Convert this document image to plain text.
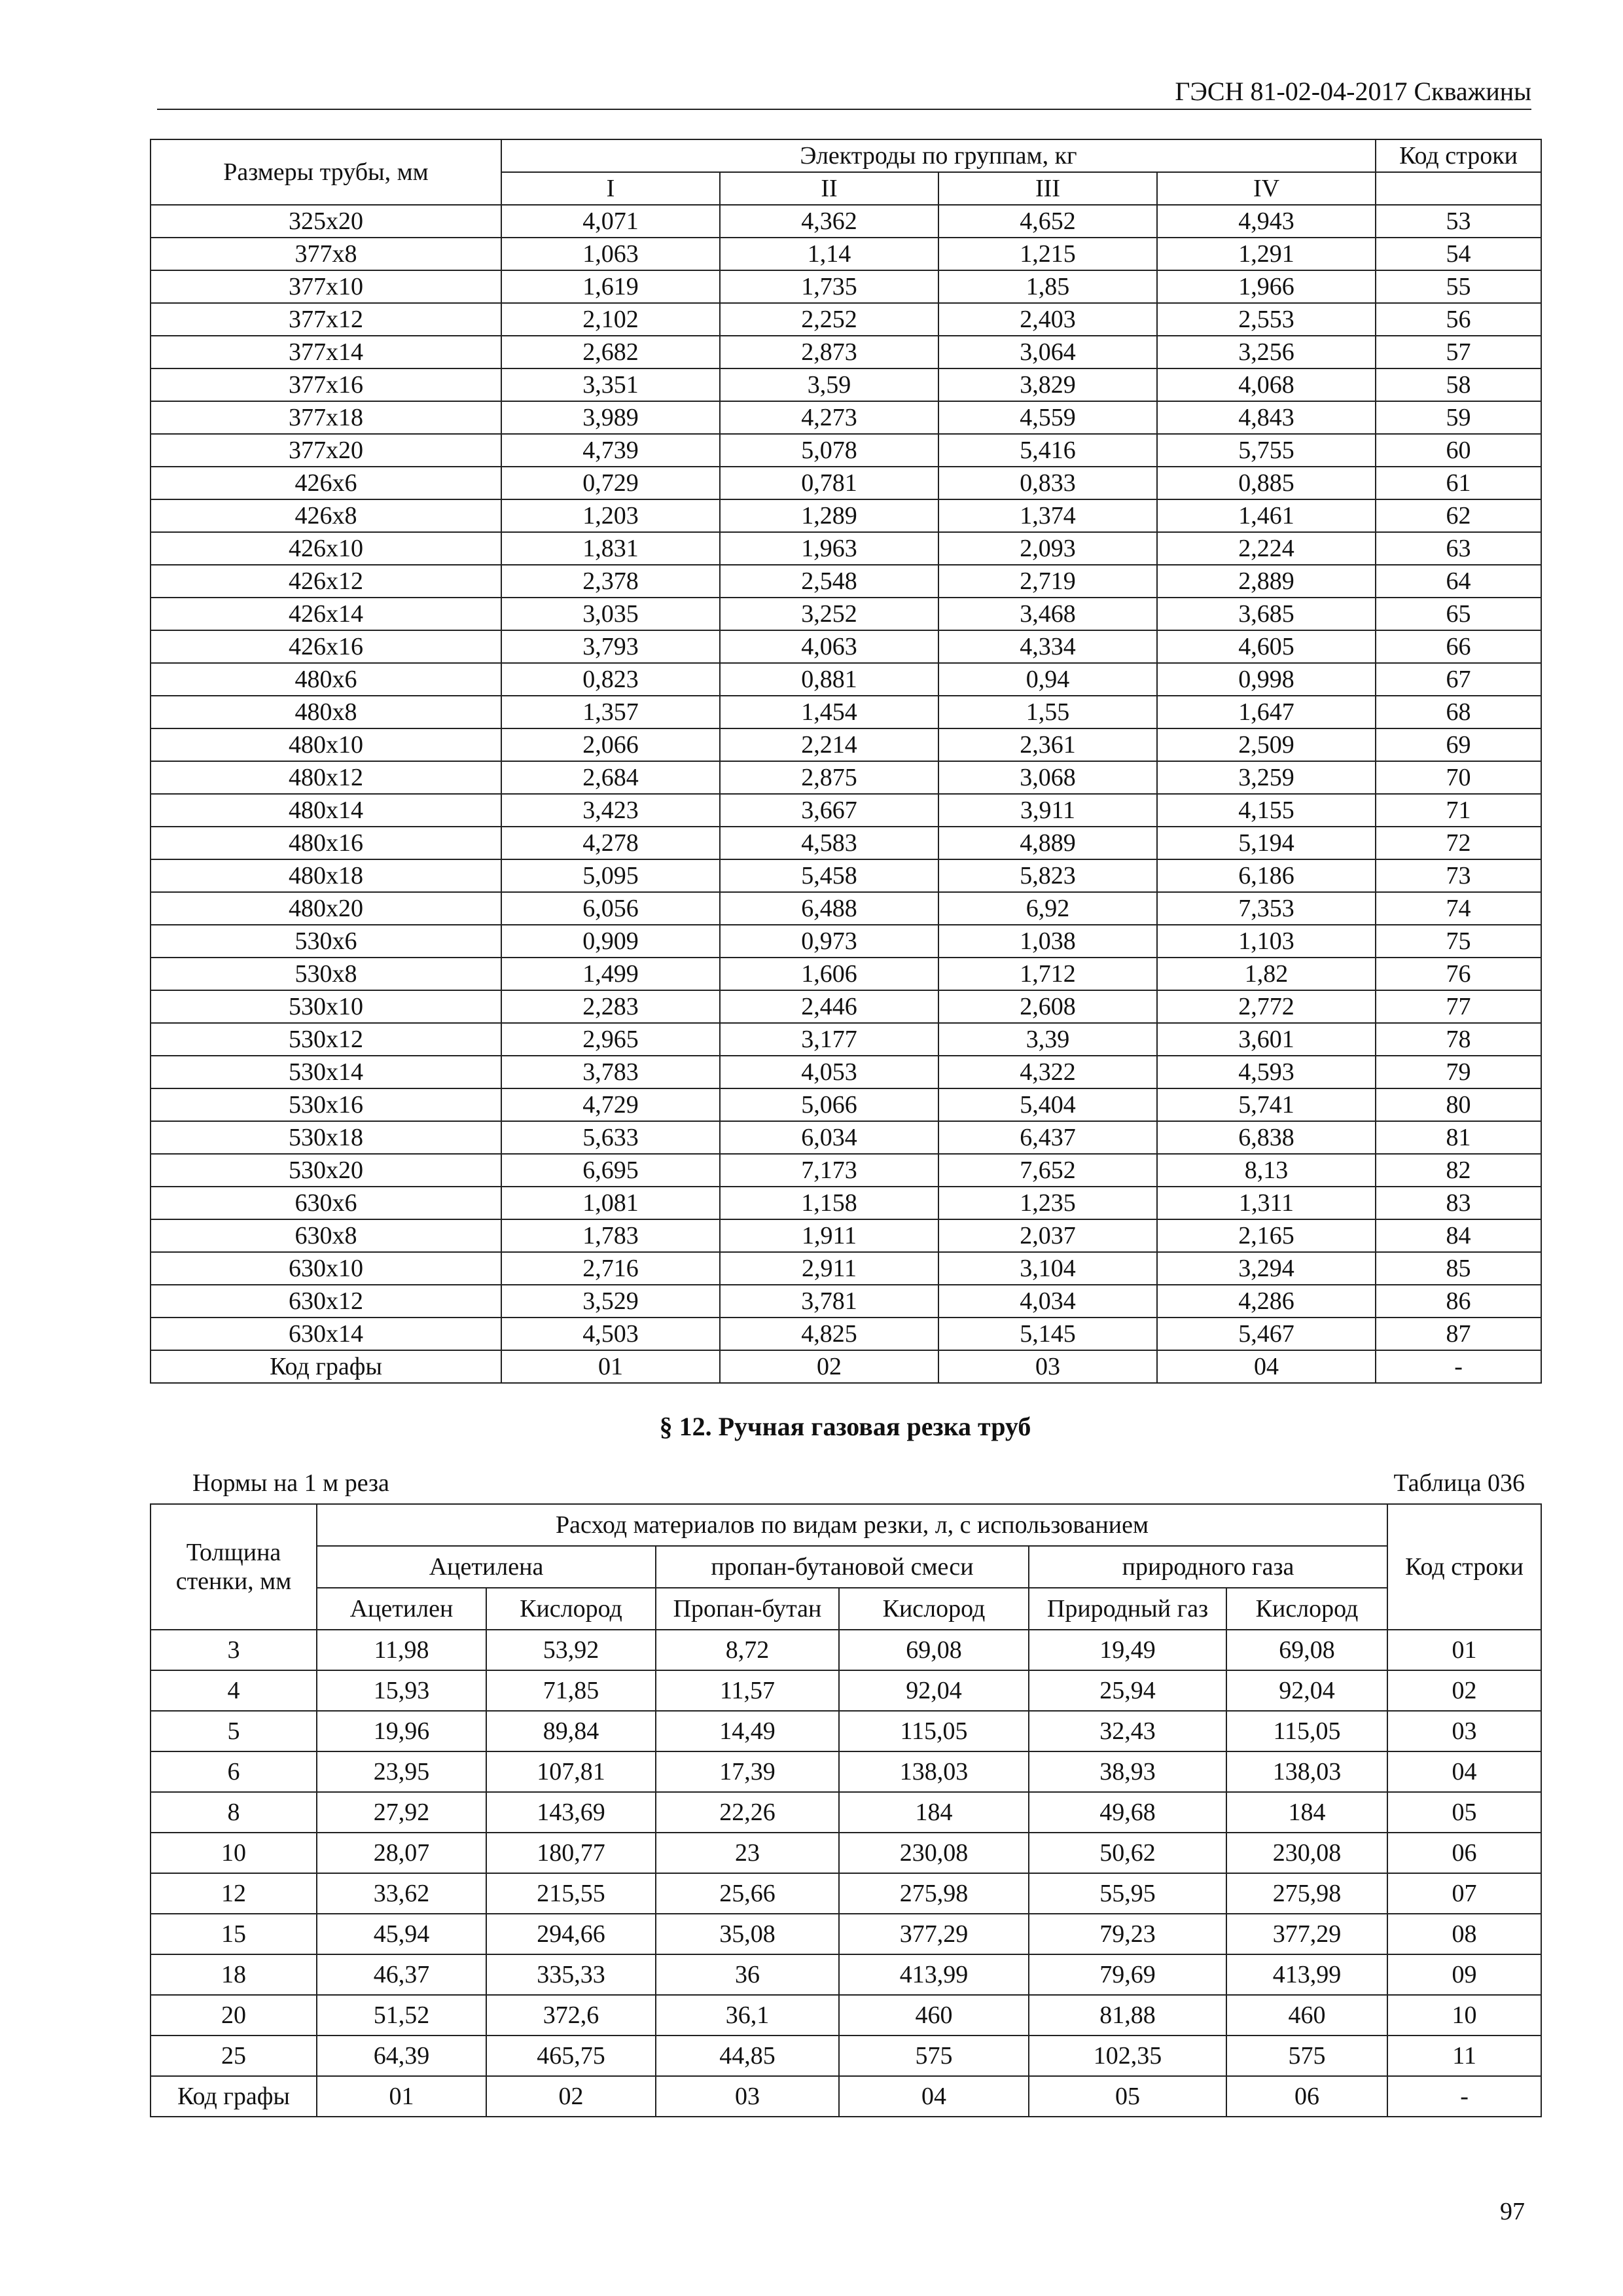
ГЭСН 81-02-04-2017 Скважины
Размеры трубы, мм	Электроды по группам, кг				Код строки
	I	II	III	IV	
325x20	4,071	4,362	4,652	4,943	53
377x8	1,063	1,14	1,215	1,291	54
377x10	1,619	1,735	1,85	1,966	55
377x12	2,102	2,252	2,403	2,553	56
377x14	2,682	2,873	3,064	3,256	57
377x16	3,351	3,59	3,829	4,068	58
377x18	3,989	4,273	4,559	4,843	59
377x20	4,739	5,078	5,416	5,755	60
426x6	0,729	0,781	0,833	0,885	61
426x8	1,203	1,289	1,374	1,461	62
426x10	1,831	1,963	2,093	2,224	63
426x12	2,378	2,548	2,719	2,889	64
426x14	3,035	3,252	3,468	3,685	65
426x16	3,793	4,063	4,334	4,605	66
480x6	0,823	0,881	0,94	0,998	67
480x8	1,357	1,454	1,55	1,647	68
480x10	2,066	2,214	2,361	2,509	69
480x12	2,684	2,875	3,068	3,259	70
480x14	3,423	3,667	3,911	4,155	71
480x16	4,278	4,583	4,889	5,194	72
480x18	5,095	5,458	5,823	6,186	73
480x20	6,056	6,488	6,92	7,353	74
530x6	0,909	0,973	1,038	1,103	75
530x8	1,499	1,606	1,712	1,82	76
530x10	2,283	2,446	2,608	2,772	77
530x12	2,965	3,177	3,39	3,601	78
530x14	3,783	4,053	4,322	4,593	79
530x16	4,729	5,066	5,404	5,741	80
530x18	5,633	6,034	6,437	6,838	81
530x20	6,695	7,173	7,652	8,13	82
630x6	1,081	1,158	1,235	1,311	83
630x8	1,783	1,911	2,037	2,165	84
630x10	2,716	2,911	3,104	3,294	85
630x12	3,529	3,781	4,034	4,286	86
630x14	4,503	4,825	5,145	5,467	87
Код графы	01	02	03	04	-
§ 12. Ручная газовая резка труб
Нормы на 1 м реза	Таблица 036
Толщина стенки, мм	Расход материалов по видам резки, л, с использованием						Код строки
	Ацетилена		пропан-бутановой смеси		природного газа		
	Ацетилен	Кислород	Пропан-бутан	Кислород	Природный газ	Кислород	
3	11,98	53,92	8,72	69,08	19,49	69,08	01
4	15,93	71,85	11,57	92,04	25,94	92,04	02
5	19,96	89,84	14,49	115,05	32,43	115,05	03
6	23,95	107,81	17,39	138,03	38,93	138,03	04
8	27,92	143,69	22,26	184	49,68	184	05
10	28,07	180,77	23	230,08	50,62	230,08	06
12	33,62	215,55	25,66	275,98	55,95	275,98	07
15	45,94	294,66	35,08	377,29	79,23	377,29	08
18	46,37	335,33	36	413,99	79,69	413,99	09
20	51,52	372,6	36,1	460	81,88	460	10
25	64,39	465,75	44,85	575	102,35	575	11
Код графы	01	02	03	04	05	06	-
97
